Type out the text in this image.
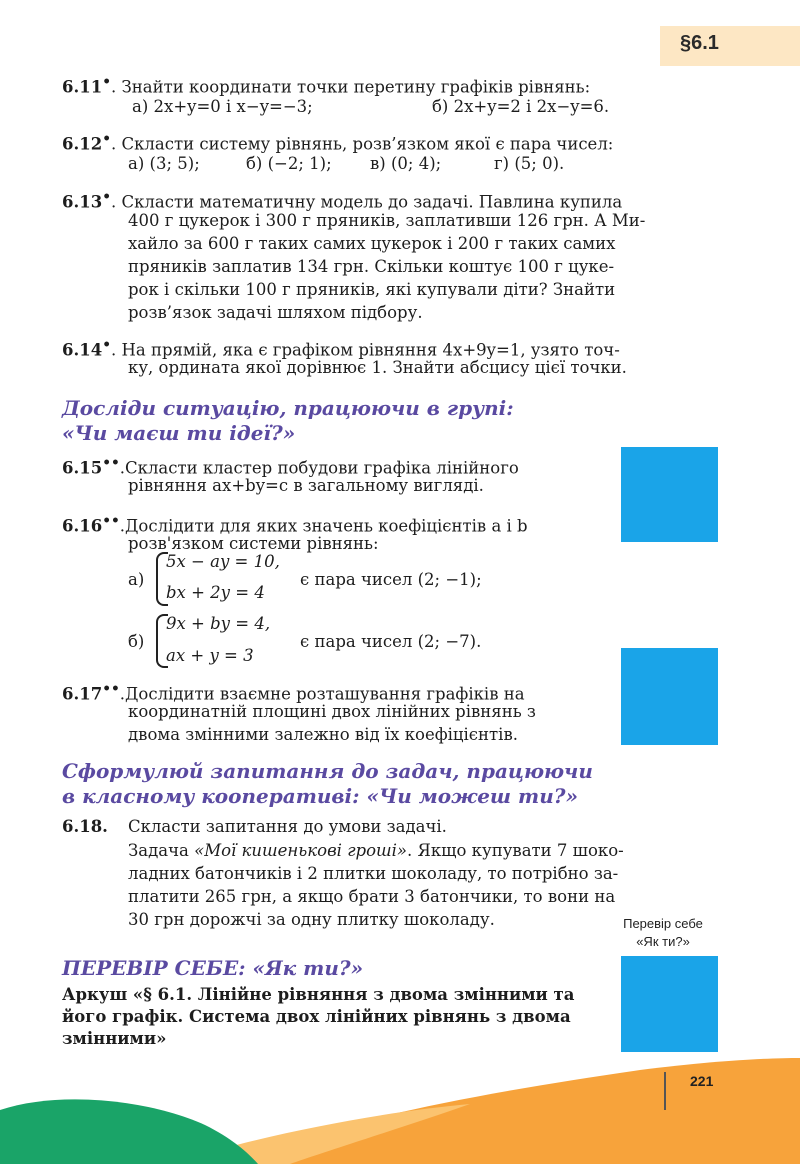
§6.1
6.11•. Знайти координати точки перетину графіків рівнянь:
а) 2x+y=0 і x−y=−3;	б) 2x+y=2 і 2x−y=6.
6.12•. Скласти систему рівнянь, розв’язком якої є пара чисел:
а) (3; 5);	б) (−2; 1); в) (0; 4);	г) (5; 0).
6.13•. Скласти математичну модель до задачі. Павлина купила
400 г цукерок і 300 г пряників, заплативши 126 грн. А Ми-
хайло за 600 г таких самих цукерок і 200 г таких самих
пряників заплатив 134 грн. Скільки коштує 100 г цуке-
рок і скільки 100 г пряників, які купували діти? Знайти
розв’язок задачі шляхом підбору.
6.14•. На прямій, яка є графіком рівняння 4x+9y=1, узято точ-
ку, ордината якої дорівнює 1. Знайти абсцису цієї точки.
Досліди ситуацію, працюючи в групі:
«Чи маєш ти ідеї?»
6.15••.Скласти кластер побудови графіка лінійного
рівняння ax+by=c в загальному вигляді.
6.16••.Дослідити для яких значень коефіцієнтів a і b
розв'язком системи рівнянь:
а)
5x − ay = 10,
bx + 2y = 4
є пара чисел (2; −1);
б)
9x + by = 4,
ax + y = 3
є пара чисел (2; −7).
6.17••.Дослідити взаємне розташування графіків на
координатній площині двох лінійних рівнянь з
двома змінними залежно від їх коефіцієнтів.
Сформулюй запитання до задач, працюючи
в класному кооперативі: «Чи можеш ти?»
6.18. Скласти запитання до умови задачі.
Задача «Мої кишенькові гроші». Якщо купувати 7 шоко-
ладних батончиків і 2 плитки шоколаду, то потрібно за-
платити 265 грн, а якщо брати 3 батончики, то вони на
30 грн дорожчі за одну плитку шоколаду.	Перевір себе
«Як ти?»
ПЕРЕВІР СЕБЕ: «Як ти?»
Аркуш «§ 6.1. Лінійне рівняння з двома змінними та
його графік. Система двох лінійних рівнянь з двома
змінними»
221
